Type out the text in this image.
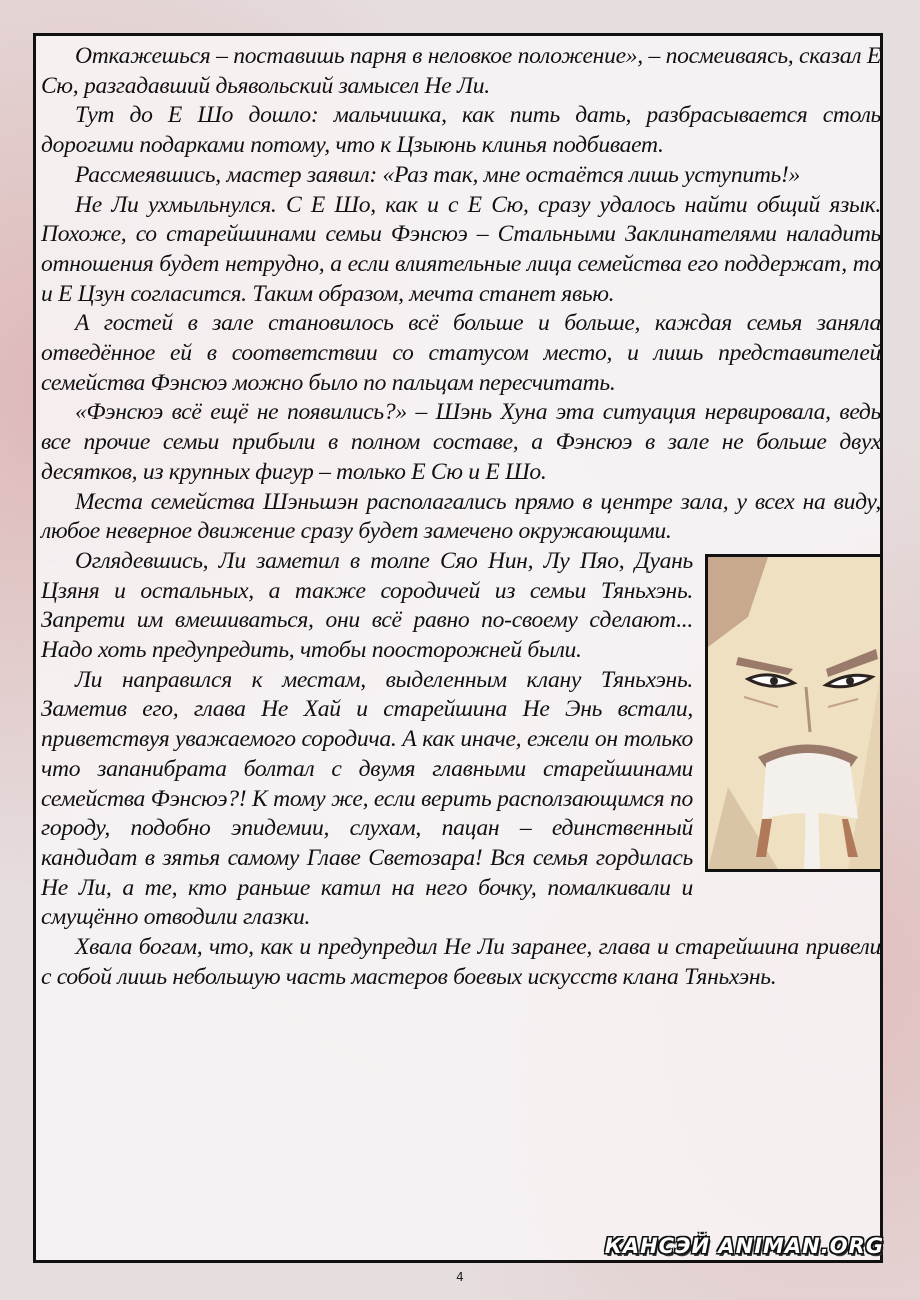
Откажешься – поставишь парня в неловкое положение», – посмеиваясь, сказал Е Сю, разгадавший дьявольский замысел Не Ли.

Тут до Е Шо дошло: мальчишка, как пить дать, разбрасывается столь дорогими подарками потому, что к Цзыюнь клинья подбивает.

Рассмеявшись, мастер заявил: «Раз так, мне остаётся лишь уступить!»

Не Ли ухмыльнулся. С Е Шо, как и с Е Сю, сразу удалось найти общий язык. Похоже, со старейшинами семьи Фэнсюэ – Стальными Заклинателями наладить отношения будет нетрудно, а если влиятельные лица семейства его поддержат, то и Е Цзун согласится. Таким образом, мечта станет явью.

А гостей в зале становилось всё больше и больше, каждая семья заняла отведённое ей в соответствии со статусом место, и лишь представителей семейства Фэнсюэ можно было по пальцам пересчитать.

«Фэнсюэ всё ещё не появились?» – Шэнь Хуна эта ситуация нервировала, ведь все прочие семьи прибыли в полном составе, а Фэнсюэ в зале не больше двух десятков, из крупных фигур – только Е Сю и Е Шо.

Места семейства Шэньшэн располагались прямо в центре зала, у всех на виду, любое неверное движение сразу будет замечено окружающими.

Оглядевшись, Ли заметил в толпе Сяо Нин, Лу Пяо, Дуань Цзяня и остальных, а также сородичей из семьи Тяньхэнь. Запрети им вмешиваться, они всё равно по-своему сделают... Надо хоть предупредить, чтобы поосторожней были.

Ли направился к местам, выделенным клану Тяньхэнь. Заметив его, глава Не Хай и старейшина Не Энь встали, приветствуя уважаемого сородича. А как иначе, ежели он только что запанибрата болтал с двумя главными старейшинами семейства Фэнсюэ?! К тому же, если верить расползающимся по городу, подобно эпидемии, слухам, пацан – единственный кандидат в зятья самому Главе Светозара! Вся семья гордилась Не Ли, а те, кто раньше катил на него бочку, помалкивали и смущённо отводили глазки.

Хвала богам, что, как и предупредил Не Ли заранее, глава и старейшина привели с собой лишь небольшую часть мастеров боевых искусств клана Тяньхэнь.

4
КАНСЭЙ ANIMAN.ORG
